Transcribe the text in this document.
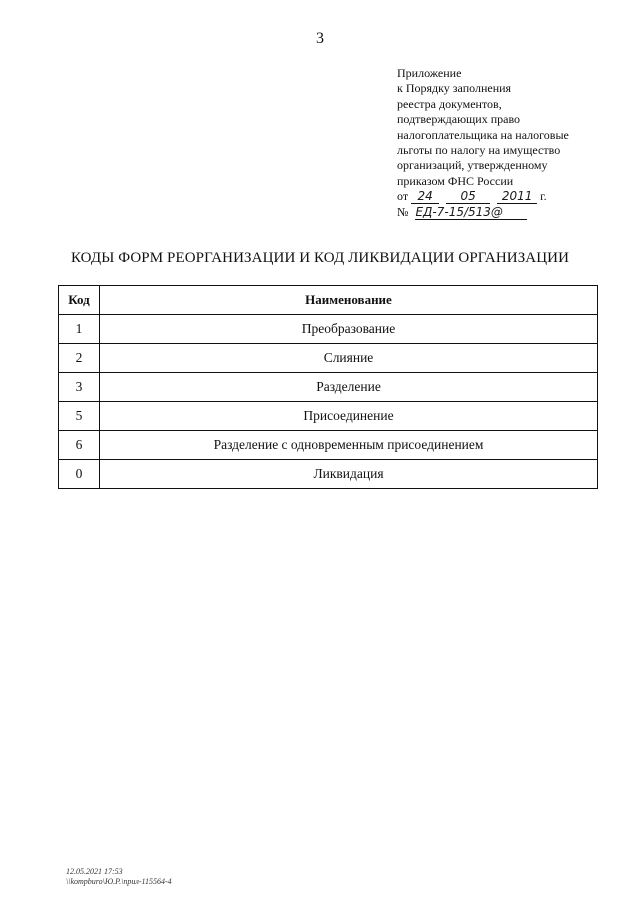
3
Приложение
к Порядку заполнения
реестра документов,
подтверждающих право
налогоплательщика на налоговые
льготы по налогу на имущество
организаций, утвержденному
приказом ФНС России
от 24 05 2011 г.
№ ЕД-7-15/513@
КОДЫ ФОРМ РЕОРГАНИЗАЦИИ И КОД ЛИКВИДАЦИИ ОРГАНИЗАЦИИ
Код	Наименование
1	Преобразование
2	Слияние
3	Разделение
5	Присоединение
6	Разделение с одновременным присоединением
0	Ликвидация
12.05.2021 17:53
\\kompburo\Ю.Р.\прил-115564-4
